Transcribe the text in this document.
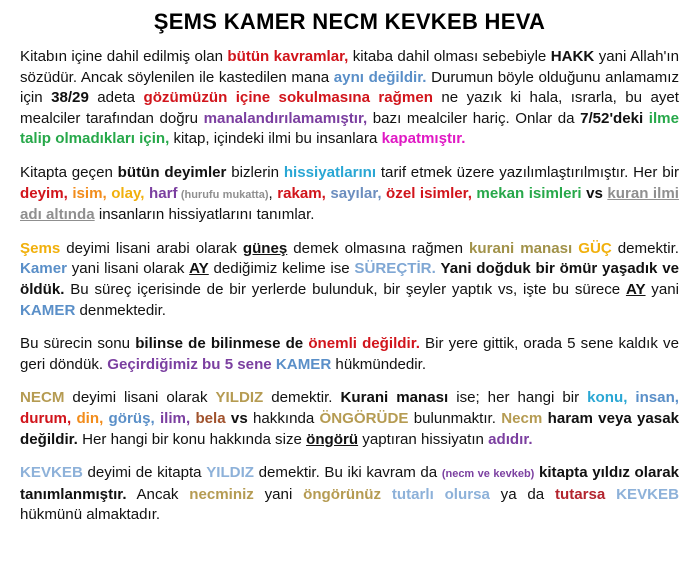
ŞEMS KAMER NECM KEVKEB HEVA

Kitabın içine dahil edilmiş olan bütün kavramlar, kitaba dahil olması sebebiyle HAKK yani Allah'ın sözüdür. Ancak söylenilen ile kastedilen mana aynı değildir. Durumun böyle olduğunu anlamamız için 38/29 adeta gözümüzün içine sokulmasına rağmen ne yazık ki hala, ısrarla, bu ayet mealciler tarafından doğru manalandırılamamıştır, bazı mealciler hariç. Onlar da 7/52'deki ilme talip olmadıkları için, kitap, içindeki ilmi bu insanlara kapatmıştır.

Kitapta geçen bütün deyimler bizlerin hissiyatlarını tarif etmek üzere yazılımlaştırılmıştır. Her bir deyim, isim, olay, harf (hurufu mukatta), rakam, sayılar, özel isimler, mekan isimleri vs kuran ilmi adı altında insanların hissiyatlarını tanımlar.

Şems deyimi lisani arabi olarak güneş demek olmasına rağmen kurani manası GÜÇ demektir. Kamer yani lisani olarak AY dediğimiz kelime ise SÜREÇTİR. Yani doğduk bir ömür yaşadık ve öldük. Bu süreç içerisinde de bir yerlerde bulunduk, bir şeyler yaptık vs, işte bu sürece AY yani KAMER denmektedir.

Bu sürecin sonu bilinse de bilinmese de önemli değildir. Bir yere gittik, orada 5 sene kaldık ve geri döndük. Geçirdiğimiz bu 5 sene KAMER hükmündedir.

NECM deyimi lisani olarak YILDIZ demektir. Kurani manası ise; her hangi bir konu, insan, durum, din, görüş, ilim, bela vs hakkında ÖNGÖRÜDE bulunmaktır. Necm haram veya yasak değildir. Her hangi bir konu hakkında size öngörü yaptıran hissiyatın adıdır.

KEVKEB deyimi de kitapta YILDIZ demektir. Bu iki kavram da (necm ve kevkeb) kitapta yıldız olarak tanımlanmıştır. Ancak necminiz yani öngörünüz tutarlı olursa ya da tutarsa KEVKEB hükmünü almaktadır.
